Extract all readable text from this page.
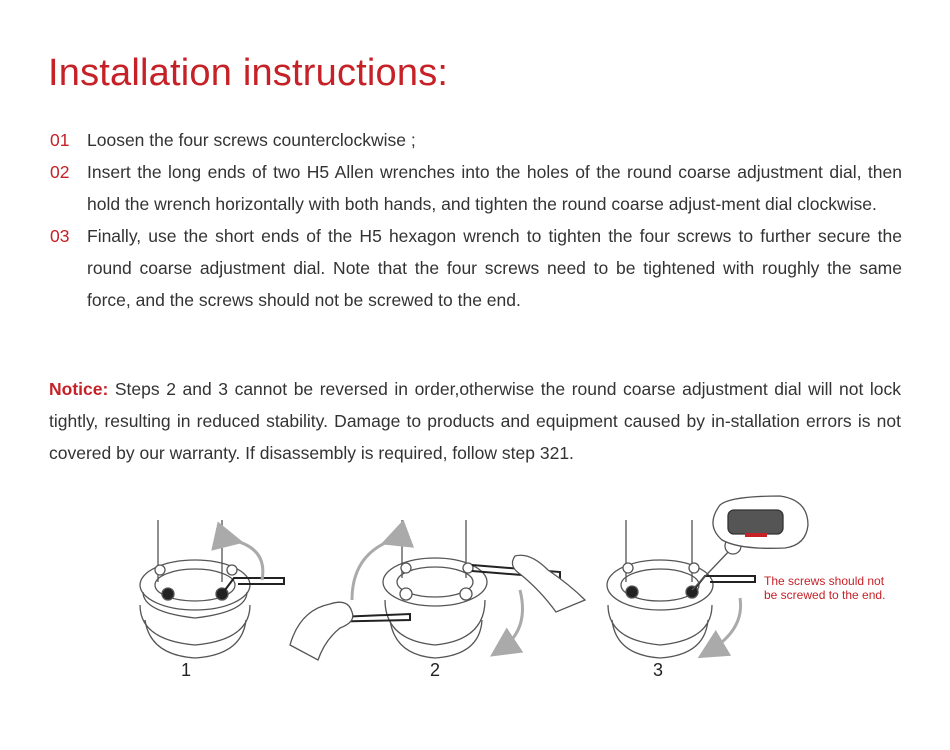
Installation instructions:
01 Loosen the four screws counterclockwise ;
02 Insert the long ends of two H5 Allen wrenches into the holes of the round coarse adjustment dial, then hold the wrench horizontally with both hands, and tighten the round coarse adjust-ment dial clockwise.
03 Finally, use the short ends of the H5 hexagon wrench to tighten the four screws to further secure the round coarse adjustment dial. Note that the four screws need to be tightened with roughly the same force, and the screws should not be screwed to the end.

Notice: Steps 2 and 3 cannot be reversed in order,otherwise the round coarse adjustment dial will not lock tightly, resulting in reduced stability. Damage to products and equipment caused by in-stallation errors is not covered by our warranty. If disassembly is required, follow step 321.

The screws should not
be screwed to the end.
1	2	3
